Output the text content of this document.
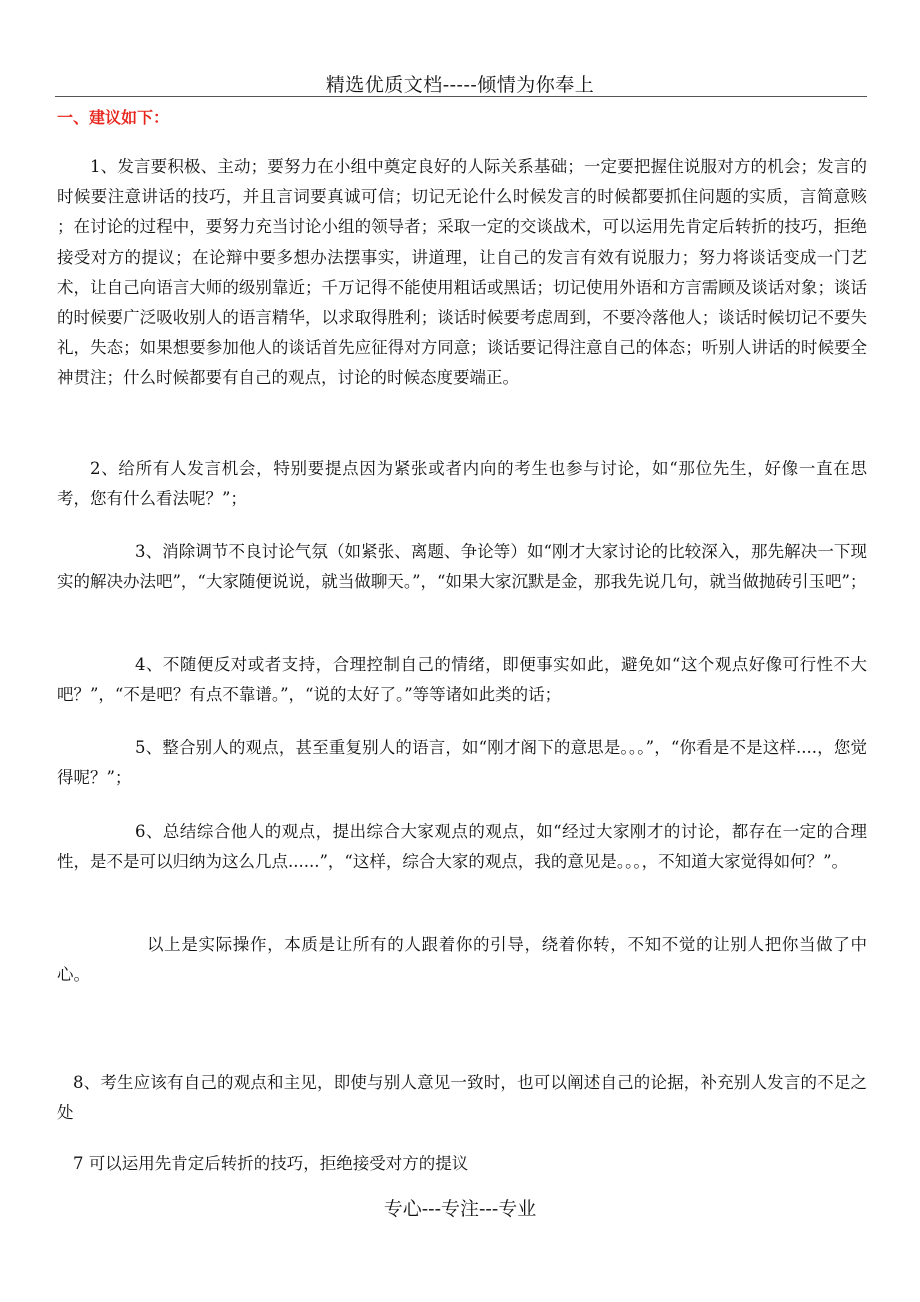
精选优质文档-----倾情为你奉上
一、建议如下：

1、发言要积极、主动；要努力在小组中奠定良好的人际关系基础；一定要把握住说服对方的机会；发言的时候要注意讲话的技巧，并且言词要真诚可信；切记无论什么时候发言的时候都要抓住问题的实质，言简意赅 ；在讨论的过程中，要努力充当讨论小组的领导者；采取一定的交谈战术，可以运用先肯定后转折的技巧，拒绝接受对方的提议；在论辩中要多想办法摆事实，讲道理，让自己的发言有效有说服力；努力将谈话变成一门艺术，让自己向语言大师的级别靠近；千万记得不能使用粗话或黑话；切记使用外语和方言需顾及谈话对象；谈话的时候要广泛吸收别人的语言精华，以求取得胜利；谈话时候要考虑周到，不要冷落他人；谈话时候切记不要失礼，失态；如果想要参加他人的谈话首先应征得对方同意；谈话要记得注意自己的体态；听别人讲话的时候要全神贯注；什么时候都要有自己的观点，讨论的时候态度要端正。

2、给所有人发言机会，特别要提点因为紧张或者内向的考生也参与讨论，如“那位先生，好像一直在思考，您有什么看法呢？”；

3、消除调节不良讨论气氛（如紧张、离题、争论等）如“刚才大家讨论的比较深入，那先解决一下现实的解决办法吧”，“大家随便说说，就当做聊天。”，“如果大家沉默是金，那我先说几句，就当做抛砖引玉吧”；

4、不随便反对或者支持，合理控制自己的情绪，即便事实如此，避免如“这个观点好像可行性不大吧？”，“不是吧？有点不靠谱。”，“说的太好了。”等等诸如此类的话；

5、整合别人的观点，甚至重复别人的语言，如“刚才阁下的意思是。。。”，“你看是不是这样....，您觉得呢？”；

6、总结综合他人的观点，提出综合大家观点的观点，如“经过大家刚才的讨论，都存在一定的合理性，是不是可以归纳为这么几点......”，“这样，综合大家的观点，我的意见是。。。，不知道大家觉得如何？”。

以上是实际操作，本质是让所有的人跟着你的引导，绕着你转，不知不觉的让别人把你当做了中心。

8、考生应该有自己的观点和主见，即使与别人意见一致时，也可以阐述自己的论据，补充别人发言的不足之处

7 可以运用先肯定后转折的技巧，拒绝接受对方的提议

专心---专注---专业
